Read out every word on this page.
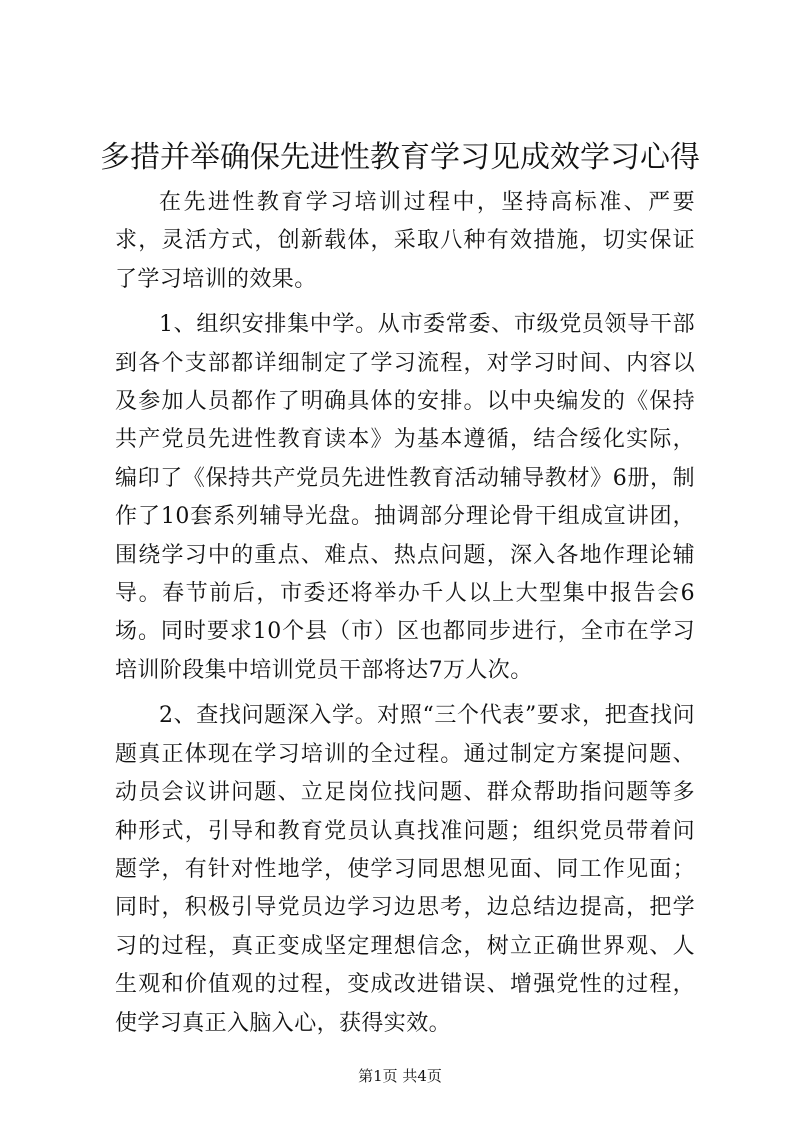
多措并举确保先进性教育学习见成效学习心得

在先进性教育学习培训过程中，坚持高标准、严要求，灵活方式，创新载体，采取八种有效措施，切实保证了学习培训的效果。

1、组织安排集中学。从市委常委、市级党员领导干部到各个支部都详细制定了学习流程，对学习时间、内容以及参加人员都作了明确具体的安排。以中央编发的《保持共产党员先进性教育读本》为基本遵循，结合绥化实际，编印了《保持共产党员先进性教育活动辅导教材》6册，制作了10套系列辅导光盘。抽调部分理论骨干组成宣讲团，围绕学习中的重点、难点、热点问题，深入各地作理论辅导。春节前后，市委还将举办千人以上大型集中报告会6场。同时要求10个县（市）区也都同步进行，全市在学习培训阶段集中培训党员干部将达7万人次。

2、查找问题深入学。对照“三个代表”要求，把查找问题真正体现在学习培训的全过程。通过制定方案提问题、动员会议讲问题、立足岗位找问题、群众帮助指问题等多种形式，引导和教育党员认真找准问题；组织党员带着问题学，有针对性地学，使学习同思想见面、同工作见面；同时，积极引导党员边学习边思考，边总结边提高，把学习的过程，真正变成坚定理想信念，树立正确世界观、人生观和价值观的过程，变成改进错误、增强党性的过程，使学习真正入脑入心，获得实效。

第1页 共4页
